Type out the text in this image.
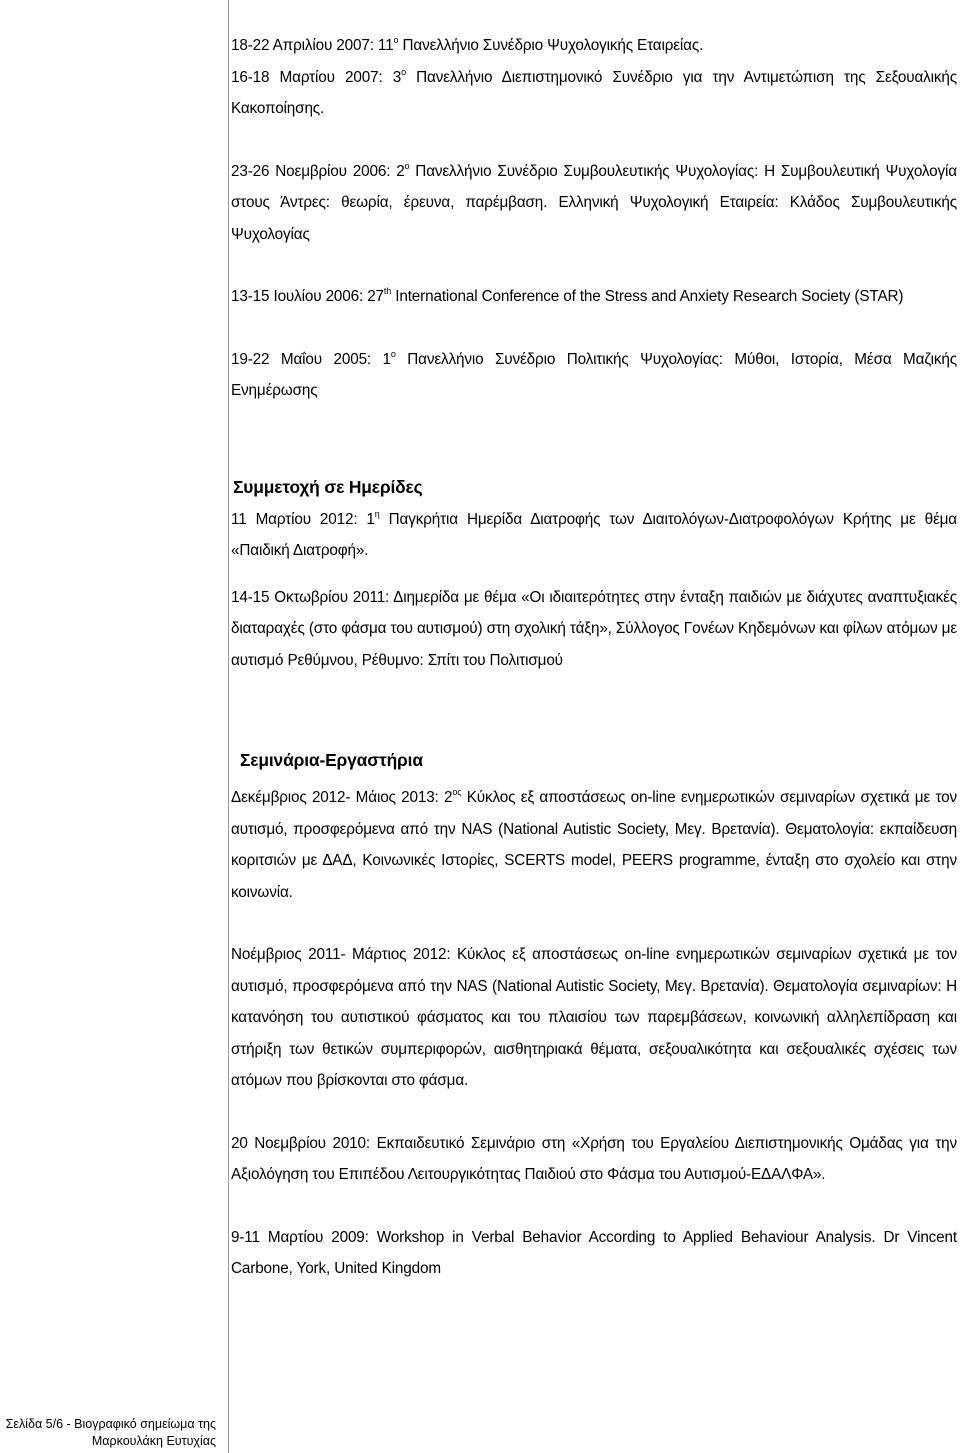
18-22 Απριλίου 2007: $11^o$ Πανελλήνιο Συνέδριο Ψυχολογικής Εταιρείας.

16-18 Μαρτίου 2007: $3^o$ Πανελλήνιο Διεπιστημονικό Συνέδριο για την Αντιμετώπιση της Σεξουαλικής Κακοποίησης.

23-26 Νοεμβρίου 2006: $2^o$ Πανελλήνιο Συνέδριο Συμβουλευτικής Ψυχολογίας: Η Συμβουλευτική Ψυχολογία στους Άντρες: θεωρία, έρευνα, παρέμβαση. Ελληνική Ψυχολογική Εταιρεία: Κλάδος Συμβουλευτικής Ψυχολογίας

13-15 Ιουλίου 2006: 27th International Conference of the Stress and Anxiety Research Society (STAR)

19-22 Μαΐου 2005: $1^o$ Πανελλήνιο Συνέδριο Πολιτικής Ψυχολογίας: Μύθοι, Ιστορία, Μέσα Μαζικής Ενημέρωσης

Συμμετοχή σε Ημερίδες

11 Μαρτίου 2012: $1^\eta$ Παγκρήτια Ημερίδα Διατροφής των Διαιτολόγων-Διατροφολόγων Κρήτης με θέμα «Παιδική Διατροφή».

14-15 Οκτωβρίου 2011: Διημερίδα με θέμα «Οι ιδιαιτερότητες στην ένταξη παιδιών με διάχυτες αναπτυξιακές διαταραχές (στο φάσμα του αυτισμού) στη σχολική τάξη», Σύλλογος Γονέων Κηδεμόνων και φίλων ατόμων με αυτισμό Ρεθύμνου, Ρέθυμνο: Σπίτι του Πολιτισμού

Σεμινάρια-Εργαστήρια

Δεκέμβριος 2012- Μάιος 2013: $2^{o\varsigma}$ Κύκλος εξ αποστάσεως on-line ενημερωτικών σεμιναρίων σχετικά με τον αυτισμό, προσφερόμενα από την NAS (National Autistic Society, Μεγ. Βρετανία). Θεματολογία: εκπαίδευση κοριτσιών με ΔΑΔ, Κοινωνικές Ιστορίες, SCERTS model, PEERS programme, ένταξη στο σχολείο και στην κοινωνία.

Νοέμβριος 2011- Μάρτιος 2012: Κύκλος εξ αποστάσεως on-line ενημερωτικών σεμιναρίων σχετικά με τον αυτισμό, προσφερόμενα από την NAS (National Autistic Society, Μεγ. Βρετανία). Θεματολογία σεμιναρίων: Η κατανόηση του αυτιστικού φάσματος και του πλαισίου των παρεμβάσεων, κοινωνική αλληλεπίδραση και στήριξη των θετικών συμπεριφορών, αισθητηριακά θέματα, σεξουαλικότητα και σεξουαλικές σχέσεις των ατόμων που βρίσκονται στο φάσμα.

20 Νοεμβρίου 2010: Εκπαιδευτικό Σεμινάριο στη «Χρήση του Εργαλείου Διεπιστημονικής Ομάδας για την Αξιολόγηση του Επιπέδου Λειτουργικότητας Παιδιού στο Φάσμα του Αυτισμού-ΕΔΑΛΦΑ».

9-11 Μαρτίου 2009: Workshop in Verbal Behavior According to Applied Behaviour Analysis. Dr Vincent Carbone, York, United Kingdom

Σελίδα 5/6 - Βιογραφικό σημείωμα της
Μαρκουλάκη Ευτυχίας
